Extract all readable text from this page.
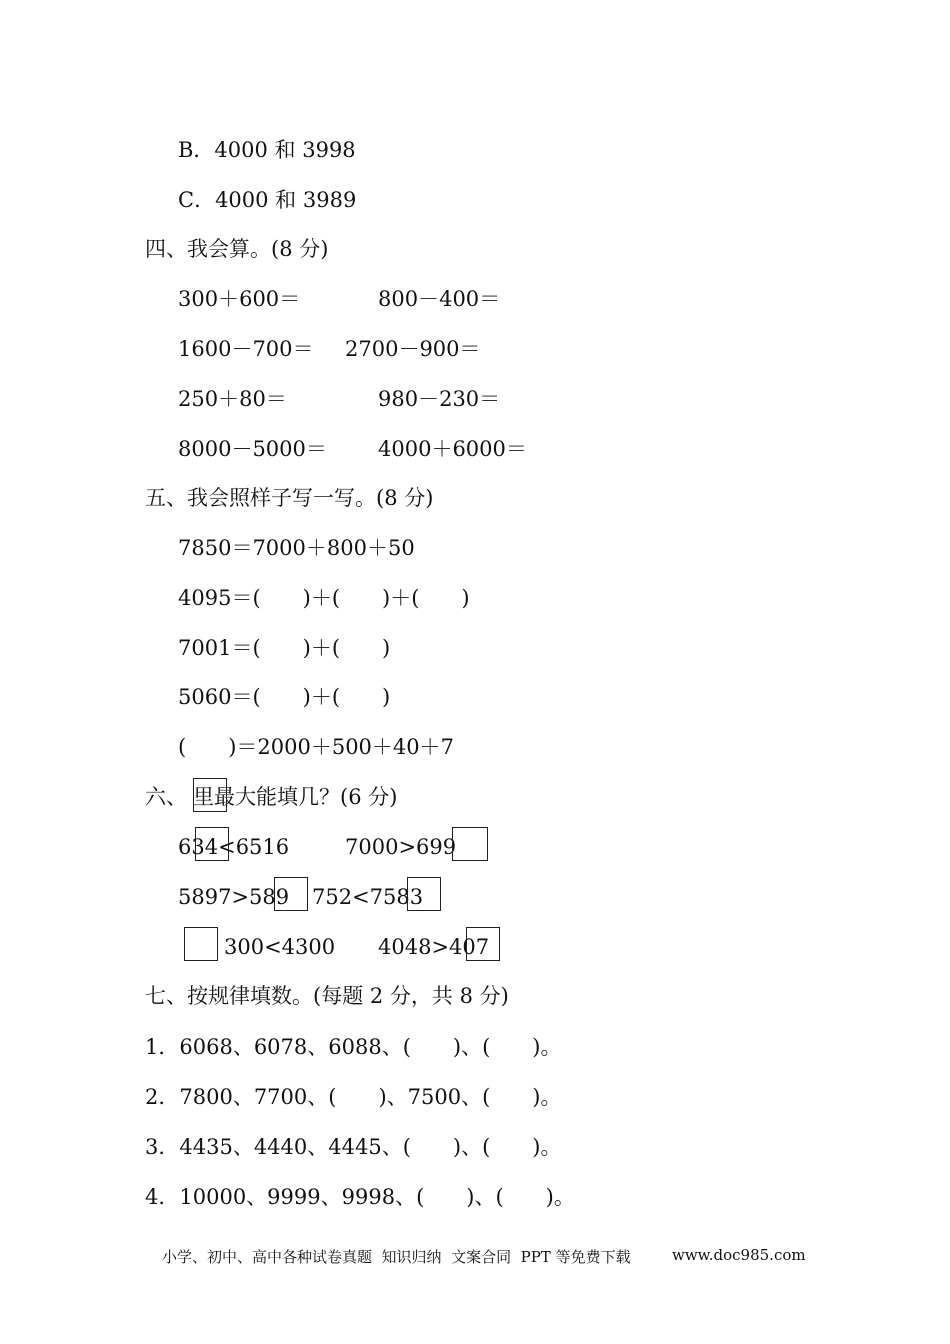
B．4000 和 3998
C．4000 和 3989
四、我会算。(8 分)
300＋600＝	800－400＝
1600－700＝ 2700－900＝
250＋80＝	980－230＝
8000－5000＝ 4000＋6000＝
五、我会照样子写一写。(8 分)
7850＝7000＋800＋50
4095＝(　　)＋(　　)＋(　　)
7001＝(　　)＋(　　)
5060＝(　　)＋(　　)
(　　)＝2000＋500＋40＋7
六、 里最大能填几？(6 分)
634<6516	7000>699
5897>589 752<7583
300<4300 4048>407
七、按规律填数。(每题 2 分，共 8 分)
1．6068、6078、6088、(　　)、(　　)。
2．7800、7700、(　　)、7500、(　　)。
3．4435、4440、4445、(　　)、(　　)。
4．10000、9999、9998、(　　)、(　　)。
小学、初中、高中各种试卷真题  知识归纳  文案合同  PPT 等免费下载	www.doc985.com
